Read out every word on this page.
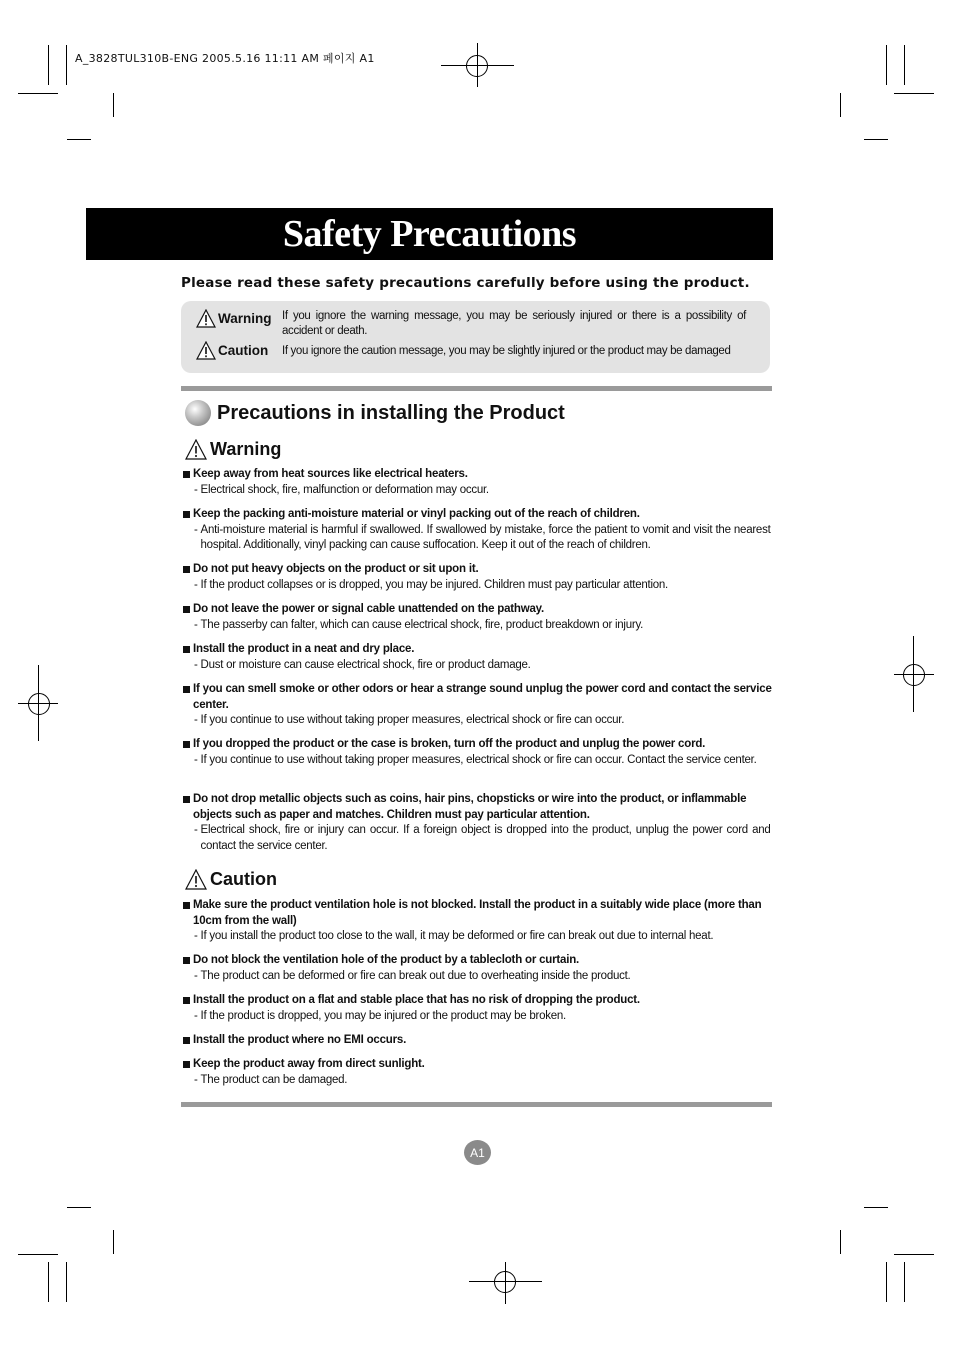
A_3828TUL310B-ENG 2005.5.16 11:11 AM 페이지 A1
Safety Precautions
Please read these safety precautions carefully before using the product.
Warning If you ignore the warning message, you may be seriously injured or there is a possibility of accident or death.
Caution If you ignore the caution message, you may be slightly injured or the product may be damaged
Precautions in installing the Product
Warning
Keep away from heat sources like electrical heaters.
- Electrical shock, fire, malfunction or deformation may occur.
Keep the packing anti-moisture material or vinyl packing out of the reach of children.
- Anti-moisture material is harmful if swallowed. If swallowed by mistake, force the patient to vomit and visit the nearest hospital. Additionally, vinyl packing can cause suffocation. Keep it out of the reach of children.
Do not put heavy objects on the product or sit upon it.
- If the product collapses or is dropped, you may be injured. Children must pay particular attention.
Do not leave the power or signal cable unattended on the pathway.
- The passerby can falter, which can cause electrical shock, fire, product breakdown or injury.
Install the product in a neat and dry place.
- Dust or moisture can cause electrical shock, fire or product damage.
If you can smell smoke or other odors or hear a strange sound unplug the power cord and contact the service center.
- If you continue to use without taking proper measures, electrical shock or fire can occur.
If you dropped the product or the case is broken, turn off the product and unplug the power cord.
- If you continue to use without taking proper measures, electrical shock or fire can occur. Contact the service center.
Do not drop metallic objects such as coins, hair pins, chopsticks or wire into the product, or inflammable objects such as paper and matches. Children must pay particular attention.
- Electrical shock, fire or injury can occur. If a foreign object is dropped into the product, unplug the power cord and contact the service center.
Caution
Make sure the product ventilation hole is not blocked. Install the product in a suitably wide place (more than 10cm from the wall)
- If you install the product too close to the wall, it may be deformed or fire can break out due to internal heat.
Do not block the ventilation hole of the product by a tablecloth or curtain.
- The product can be deformed or fire can break out due to overheating inside the product.
Install the product on a flat and stable place that has no risk of dropping the product.
- If the product is dropped, you may be injured or the product may be broken.
Install the product where no EMI occurs.
Keep the product away from direct sunlight.
- The product can be damaged.
A1
